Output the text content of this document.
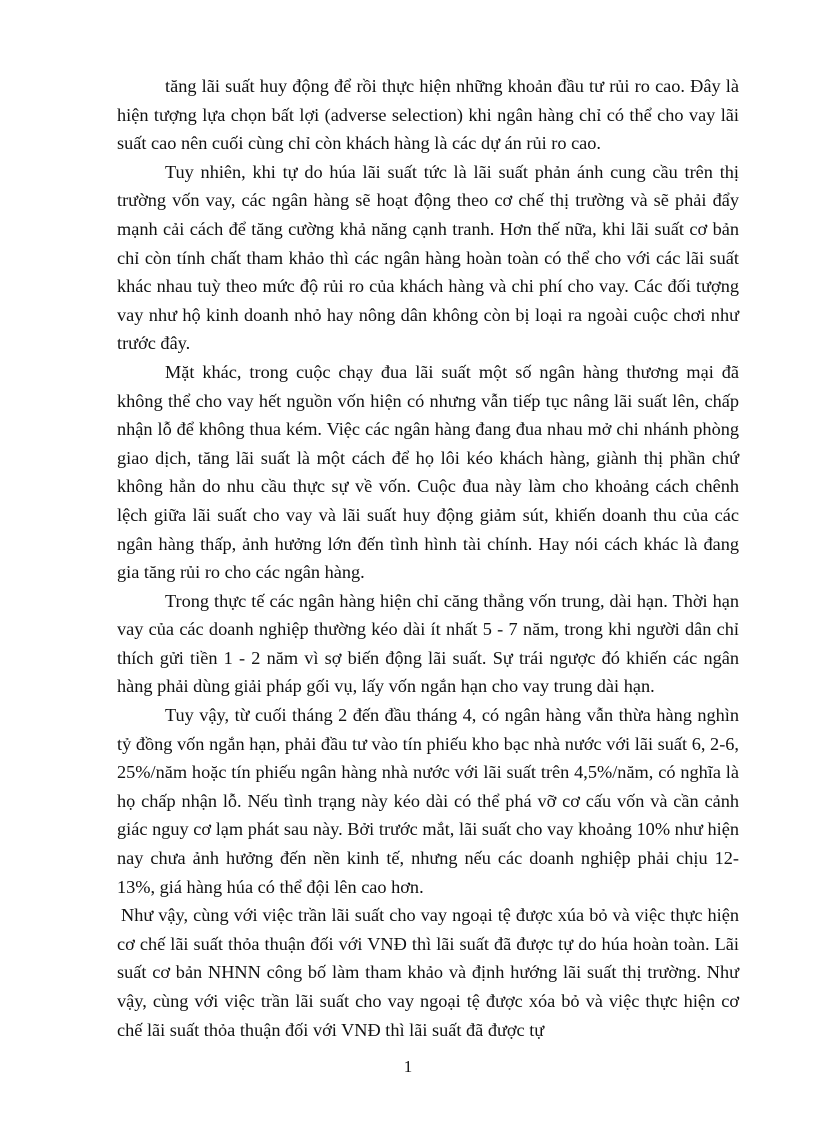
tăng lãi suất huy động để rồi thực hiện những khoản đầu tư rủi ro cao. Đây là hiện tượng lựa chọn bất lợi (adverse selection) khi ngân hàng chỉ có thể cho vay lãi suất cao nên cuối cùng chỉ còn khách hàng là các dự án rủi ro cao.

Tuy nhiên, khi tự do húa lãi suất tức là lãi suất phản ánh cung cầu trên thị trường vốn vay, các ngân hàng sẽ hoạt động theo cơ chế thị trường và sẽ phải đẩy mạnh cải cách để tăng cường khả năng cạnh tranh. Hơn thế nữa, khi lãi suất cơ bản chỉ còn tính chất tham khảo thì các ngân hàng hoàn toàn có thể cho với các lãi suất khác nhau tuỳ theo mức độ rủi ro của khách hàng và chi phí cho vay. Các đối tượng vay như hộ kinh doanh nhỏ hay nông dân không còn bị loại ra ngoài cuộc chơi như trước đây.

Mặt khác, trong cuộc chạy đua lãi suất một số ngân hàng thương mại đã không thể cho vay hết nguồn vốn hiện có nhưng vẫn tiếp tục nâng lãi suất lên, chấp nhận lỗ để không thua kém. Việc các ngân hàng đang đua nhau mở chi nhánh phòng giao dịch, tăng lãi suất là một cách để họ lôi kéo khách hàng, giành thị phần chứ không hẳn do nhu cầu thực sự về vốn. Cuộc đua này làm cho khoảng cách chênh lệch giữa lãi suất cho vay và lãi suất huy động giảm sút, khiến doanh thu của các ngân hàng thấp, ảnh hưởng lớn đến tình hình tài chính. Hay nói cách khác là đang gia tăng rủi ro cho các ngân hàng.

Trong thực tế các ngân hàng hiện chỉ căng thẳng vốn trung, dài hạn. Thời hạn vay của các doanh nghiệp thường kéo dài ít nhất 5 - 7 năm, trong khi người dân chỉ thích gửi tiền 1 - 2 năm vì sợ biến động lãi suất. Sự trái ngược đó khiến các ngân hàng phải dùng giải pháp gối vụ, lấy vốn ngắn hạn cho vay trung dài hạn.

Tuy vậy, từ cuối tháng 2 đến đầu tháng 4, có ngân hàng vẫn thừa hàng nghìn tỷ đồng vốn ngắn hạn, phải đầu tư vào tín phiếu kho bạc nhà nước với lãi suất 6, 2-6, 25%/năm hoặc tín phiếu ngân hàng nhà nước với lãi suất trên 4,5%/năm, có nghĩa là họ chấp nhận lỗ. Nếu tình trạng này kéo dài có thể phá vỡ cơ cấu vốn và cần cảnh giác nguy cơ lạm phát sau này. Bởi trước mắt, lãi suất cho vay khoảng 10% như hiện nay chưa ảnh hưởng đến nền kinh tế, nhưng nếu các doanh nghiệp phải chịu 12-13%, giá hàng húa có thể đội lên cao hơn.

Như vậy, cùng với việc trần lãi suất cho vay ngoại tệ được xúa bỏ và việc thực hiện cơ chế lãi suất thỏa thuận đối với VNĐ thì lãi suất đã được tự do húa hoàn toàn. Lãi suất cơ bản NHNN công bố làm tham khảo và định hướng lãi suất thị trường. Như vậy, cùng với việc trần lãi suất cho vay ngoại tệ được xóa bỏ và việc thực hiện cơ chế lãi suất thỏa thuận đối với VNĐ thì lãi suất đã được tự

1
